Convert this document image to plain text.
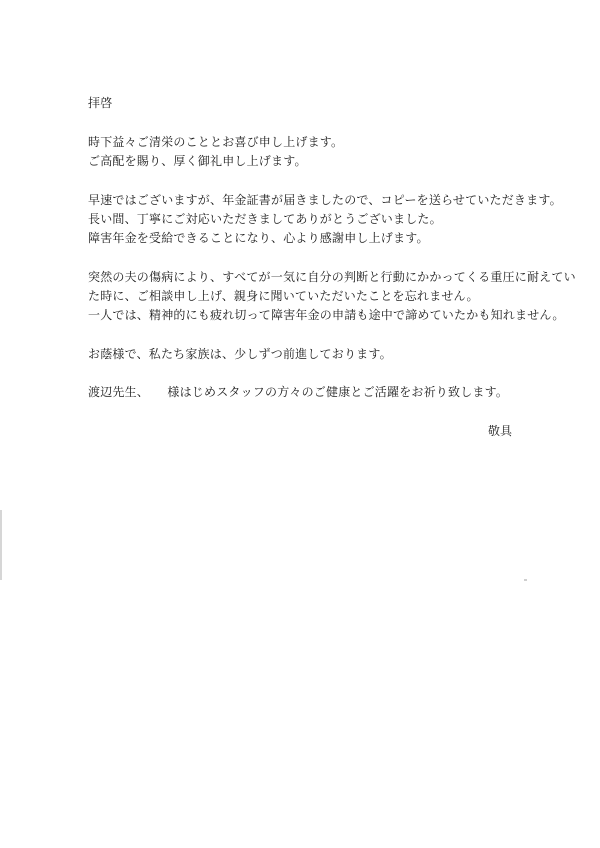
拝啓
時下益々ご清栄のこととお喜び申し上げます。
ご高配を賜り、厚く御礼申し上げます。
早速ではございますが、年金証書が届きましたので、コピーを送らせていただきます。
長い間、丁寧にご対応いただきましてありがとうございました。
障害年金を受給できることになり、心より感謝申し上げます。
突然の夫の傷病により、すべてが一気に自分の判断と行動にかかってくる重圧に耐えてい
た時に、ご相談申し上げ、親身に聞いていただいたことを忘れません。
一人では、精神的にも疲れ切って障害年金の申請も途中で諦めていたかも知れません。
お蔭様で、私たち家族は、少しずつ前進しております。
渡辺先生、　　様はじめスタッフの方々のご健康とご活躍をお祈り致します。
敬具
